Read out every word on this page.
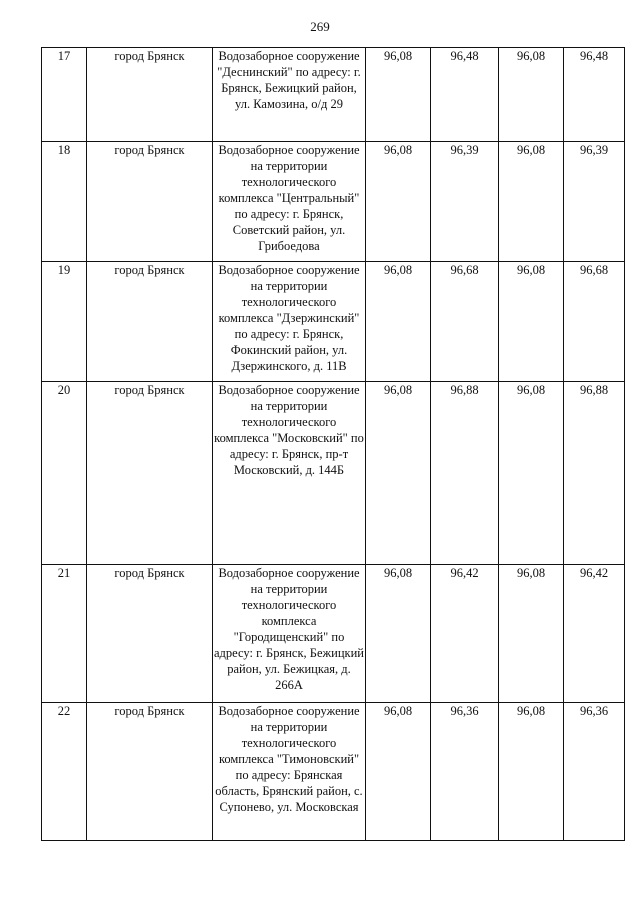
269
17	город Брянск	Водозаборное сооружение "Деснинский" по адресу: г. Брянск, Бежицкий район, ул. Камозина, о/д 29	96,08	96,48	96,08	96,48
18	город Брянск	Водозаборное сооружение на территории технологического комплекса "Центральный" по адресу: г. Брянск, Советский район, ул. Грибоедова	96,08	96,39	96,08	96,39
19	город Брянск	Водозаборное сооружение на территории технологического комплекса "Дзержинский" по адресу: г. Брянск, Фокинский район, ул. Дзержинского, д. 11В	96,08	96,68	96,08	96,68
20	город Брянск	Водозаборное сооружение на территории технологического комплекса "Московский" по адресу: г. Брянск, пр-т Московский, д. 144Б	96,08	96,88	96,08	96,88
21	город Брянск	Водозаборное сооружение на территории технологического комплекса "Городищенский" по адресу: г. Брянск, Бежицкий район, ул. Бежицкая, д. 266А	96,08	96,42	96,08	96,42
22	город Брянск	Водозаборное сооружение на территории технологического комплекса "Тимоновский" по адресу: Брянская область, Брянский район, с. Супонево, ул. Московская	96,08	96,36	96,08	96,36
